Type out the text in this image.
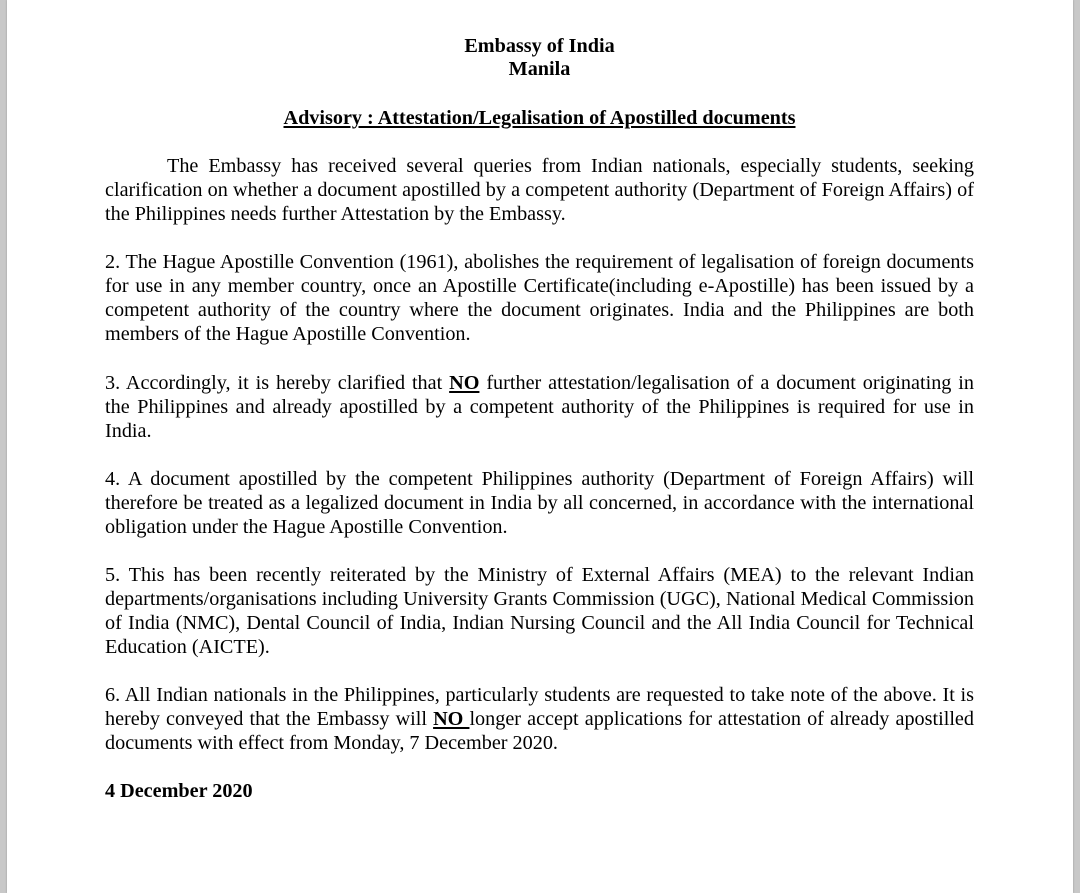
Embassy of India
Manila
Advisory : Attestation/Legalisation of Apostilled documents

The Embassy has received several queries from Indian nationals, especially students, seeking clarification on whether a document apostilled by a competent authority (Department of Foreign Affairs) of the Philippines needs further Attestation by the Embassy.

2. The Hague Apostille Convention (1961), abolishes the requirement of legalisation of foreign documents for use in any member country, once an Apostille Certificate(including e-Apostille) has been issued by a competent authority of the country where the document originates. India and the Philippines are both members of the Hague Apostille Convention.

3. Accordingly, it is hereby clarified that NO further attestation/legalisation of a document originating in the Philippines and already apostilled by a competent authority of the Philippines is required for use in India.

4. A document apostilled by the competent Philippines authority (Department of Foreign Affairs) will therefore be treated as a legalized document in India by all concerned, in accordance with the international obligation under the Hague Apostille Convention.

5. This has been recently reiterated by the Ministry of External Affairs (MEA) to the relevant Indian departments/organisations including University Grants Commission (UGC), National Medical Commission of India (NMC), Dental Council of India, Indian Nursing Council and the All India Council for Technical Education (AICTE).

6. All Indian nationals in the Philippines, particularly students are requested to take note of the above. It is hereby conveyed that the Embassy will NO longer accept applications for attestation of already apostilled documents with effect from Monday, 7 December 2020.

4 December 2020
